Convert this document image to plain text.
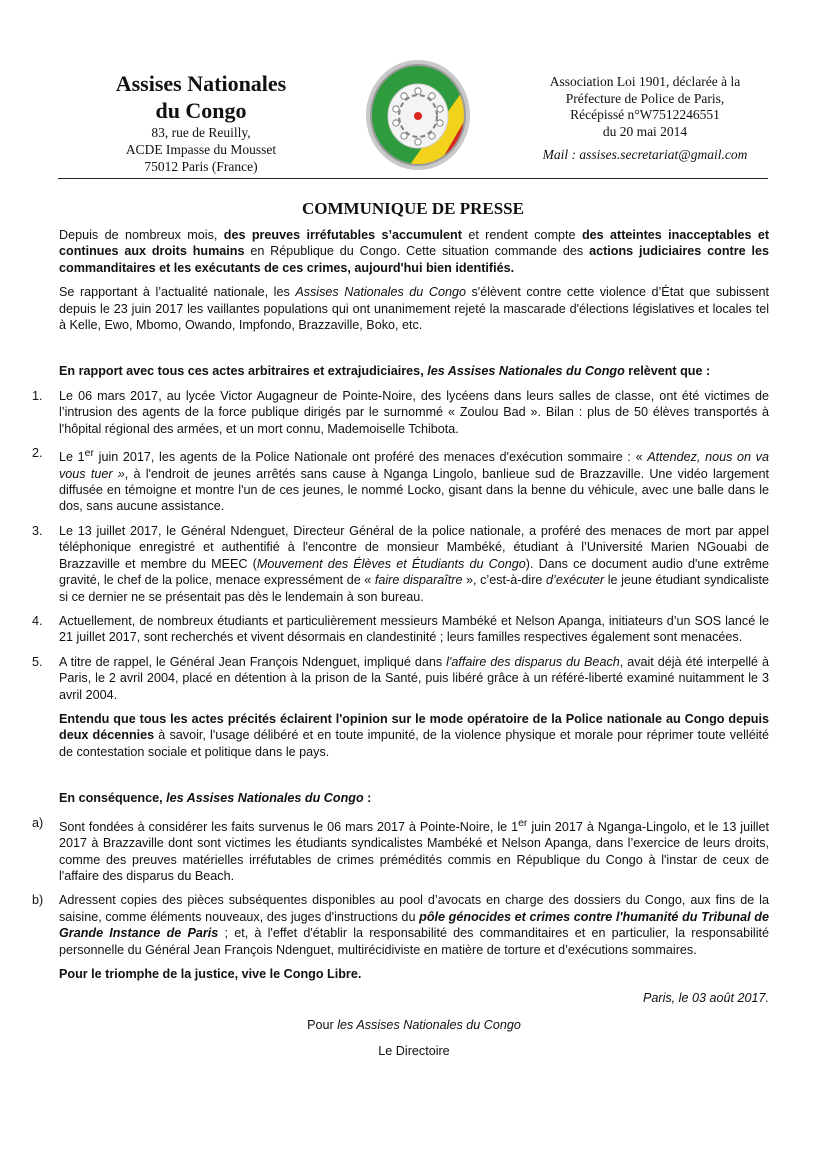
Assises Nationales
du Congo
83, rue de Reuilly,
ACDE Impasse du Mousset
75012 Paris (France)
Association Loi 1901, déclarée à la
Préfecture de Police de Paris,
Récépissé n°W7512246551
du 20 mai 2014
Mail : assises.secretariat@gmail.com
COMMUNIQUE DE PRESSE

Depuis de nombreux mois, des preuves irréfutables s’accumulent et rendent compte des atteintes inacceptables et continues aux droits humains en République du Congo. Cette situation commande des actions judiciaires contre les commanditaires et les exécutants de ces crimes, aujourd'hui bien identifiés.

Se rapportant à l’actualité nationale, les Assises Nationales du Congo s'élèvent contre cette violence d’État que subissent depuis le 23 juin 2017 les vaillantes populations qui ont unanimement rejeté la mascarade d'élections législatives et locales tel à Kelle, Ewo, Mbomo, Owando, Impfondo, Brazzaville, Boko, etc.

En rapport avec tous ces actes arbitraires et extrajudiciaires, les Assises Nationales du Congo relèvent que :

1. Le 06 mars 2017, au lycée Victor Augagneur de Pointe-Noire, des lycéens dans leurs salles de classe, ont été victimes de l’intrusion des agents de la force publique dirigés par le surnommé « Zoulou Bad ». Bilan : plus de 50 élèves transportés à l'hôpital régional des armées, et un mort connu, Mademoiselle Tchibota.
2. Le 1er juin 2017, les agents de la Police Nationale ont proféré des menaces d'exécution sommaire : « Attendez, nous on va vous tuer », à l'endroit de jeunes arrêtés sans cause à Nganga Lingolo, banlieue sud de Brazzaville. Une vidéo largement diffusée en témoigne et montre l'un de ces jeunes, le nommé Locko, gisant dans la benne du véhicule, avec une balle dans le dos, sans aucune assistance.
3. Le 13 juillet 2017, le Général Ndenguet, Directeur Général de la police nationale, a proféré des menaces de mort par appel téléphonique enregistré et authentifié à l'encontre de monsieur Mambéké, étudiant à l’Université Marien NGouabi de Brazzaville et membre du MEEC (Mouvement des Élèves et Étudiants du Congo). Dans ce document audio d'une extrême gravité, le chef de la police, menace expressément de « faire disparaître », c’est-à-dire d’exécuter le jeune étudiant syndicaliste si ce dernier ne se présentait pas dès le lendemain à son bureau.
4. Actuellement, de nombreux étudiants et particulièrement messieurs Mambéké et Nelson Apanga, initiateurs d’un SOS lancé le 21 juillet 2017, sont recherchés et vivent désormais en clandestinité ; leurs familles respectives également sont menacées.
5. A titre de rappel, le Général Jean François Ndenguet, impliqué dans l'affaire des disparus du Beach, avait déjà été interpellé à Paris, le 2 avril 2004, placé en détention à la prison de la Santé, puis libéré grâce à un référé-liberté examiné nuitamment le 3 avril 2004.

Entendu que tous les actes précités éclairent l'opinion sur le mode opératoire de la Police nationale au Congo depuis deux décennies à savoir, l'usage délibéré et en toute impunité, de la violence physique et morale pour réprimer toute velléité de contestation sociale et politique dans le pays.

En conséquence, les Assises Nationales du Congo :

a) Sont fondées à considérer les faits survenus le 06 mars 2017 à Pointe-Noire, le 1er juin 2017 à Nganga-Lingolo, et le 13 juillet 2017 à Brazzaville dont sont victimes les étudiants syndicalistes Mambéké et Nelson Apanga, dans l’exercice de leurs droits, comme des preuves matérielles irréfutables de crimes prémédités commis en République du Congo à l'instar de ceux de l'affaire des disparus du Beach.
b) Adressent copies des pièces subséquentes disponibles au pool d’avocats en charge des dossiers du Congo, aux fins de la saisine, comme éléments nouveaux, des juges d'instructions du pôle génocides et crimes contre l'humanité du Tribunal de Grande Instance de Paris ; et, à l'effet d'établir la responsabilité des commanditaires et en particulier, la responsabilité personnelle du Général Jean François Ndenguet, multirécidiviste en matière de torture et d’exécutions sommaires.

Pour le triomphe de la justice, vive le Congo Libre.

Paris, le 03 août 2017.
Pour les Assises Nationales du Congo
Le Directoire
